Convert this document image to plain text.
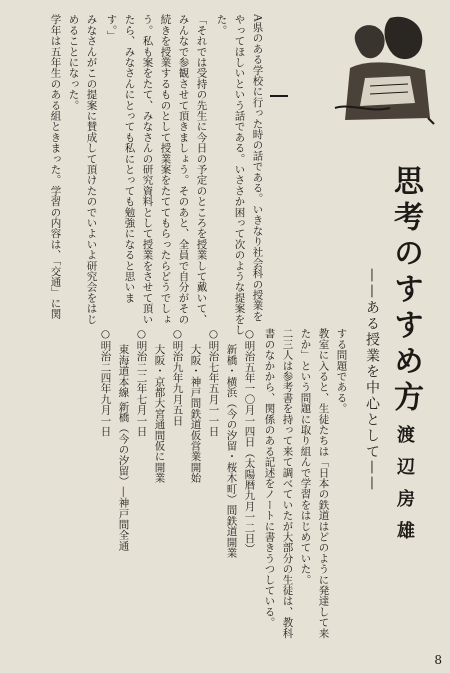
思考のすすめ方
——ある授業を中心として—— 渡辺房雄
する問題である。
教室に入ると、生徒たちは「日本の鉄道はどのように発達して来
たか」という問題に取り組んで学習をはじめていた。
二三人は参考書を持って来て調べていたが大部分の生徒は、教科
書のなかから、関係のある記述をノートに書きうつしている。
○明治五年一〇月一四日（太陽暦九月一二日）
新橋・横浜（今の汐留・桜木町）間鉄道開業
○明治七年五月一一日
大阪・神戸間鉄道仮営業開始
○明治九年九月五日
大阪・京都大宮通間仮に開業
○明治二二年七月一日
東海道本線 新橋（今の汐留）―神戸間全通
○明治二四年九月一日
A県のある学校に行った時の話である。いきなり社会科の授業を
やってほしいという話である。いささか困って次のような提案をし
た。
「それでは受持の先生に今日の予定のところを授業して戴いて、
みんなで参観させて頂きましょう。そのあと、全員で自分がその
続きを授業するものとして授業案をたててもらったらどうでしょ
う。私も案をたて、みなさんの研究資料として授業をさせて頂い
たら、みなさんにとっても私にとっても勉強になると思いま
す。」
みなさんがこの提案に賛成して頂けたのでいよいよ研究会をはじ
めることになった。
学年は五年生のある組ときまった。学習の内容は、「交通」に関
8
